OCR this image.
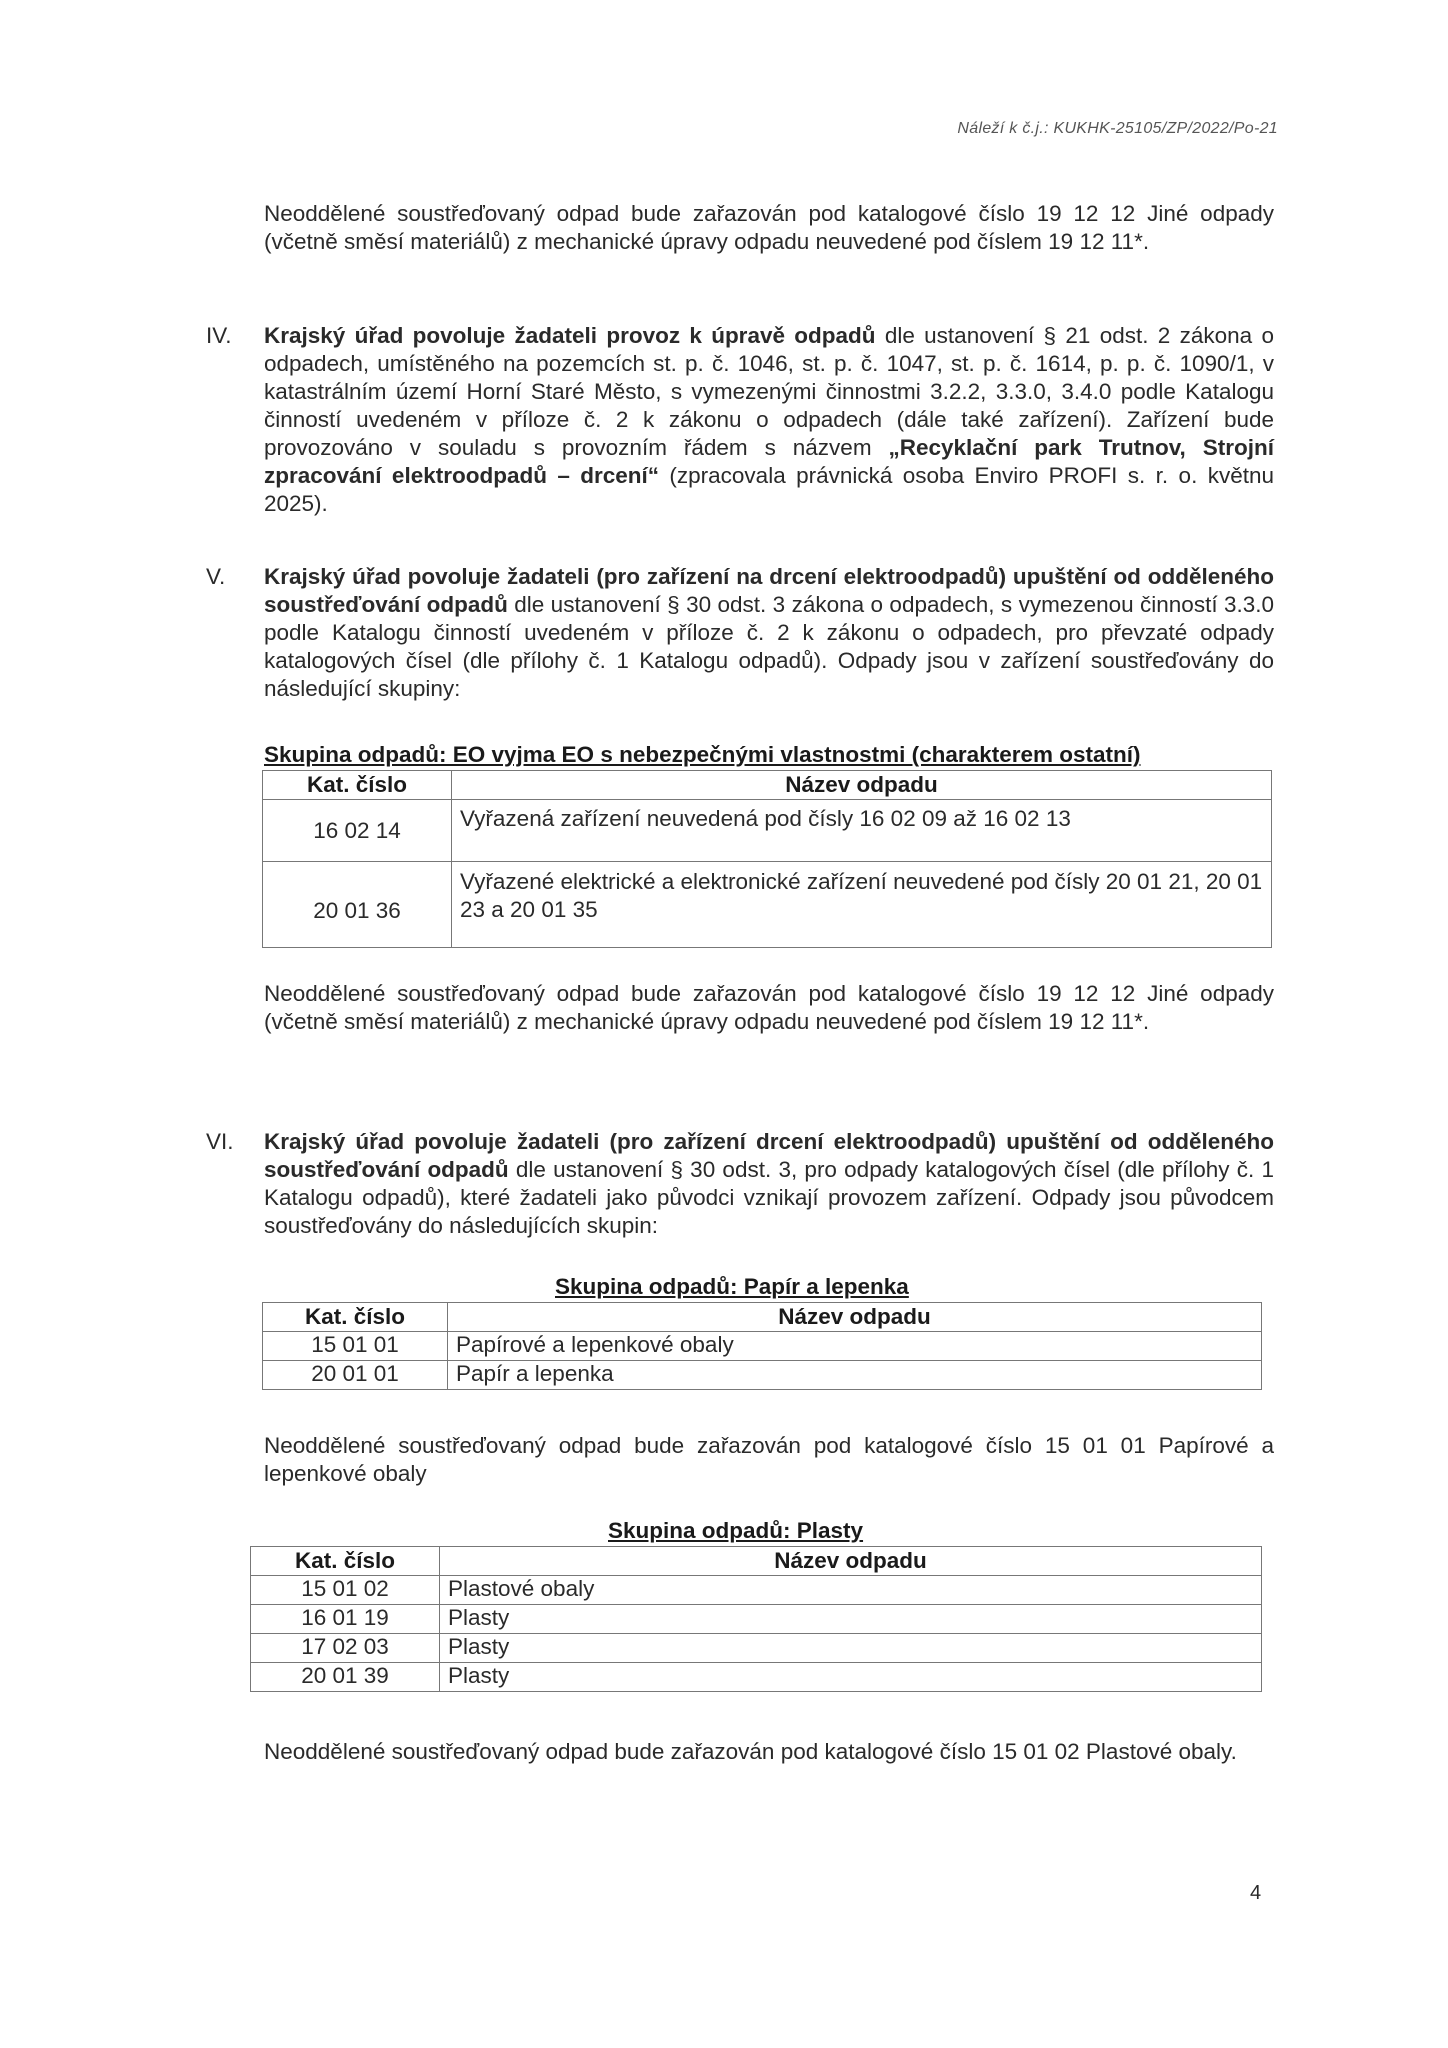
Náleží k č.j.: KUKHK-25105/ZP/2022/Po-21
Neoddělené soustřeďovaný odpad bude zařazován pod katalogové číslo 19 12 12 Jiné odpady (včetně směsí materiálů) z mechanické úpravy odpadu neuvedené pod číslem 19 12 11*.
IV.	Krajský úřad povoluje žadateli provoz k úpravě odpadů dle ustanovení § 21 odst. 2 zákona o odpadech, umístěného na pozemcích st. p. č. 1046, st. p. č. 1047, st. p. č. 1614, p. p. č. 1090/1, v katastrálním území Horní Staré Město, s vymezenými činnostmi 3.2.2, 3.3.0, 3.4.0 podle Katalogu činností uvedeném v příloze č. 2 k zákonu o odpadech (dále také zařízení). Zařízení bude provozováno v souladu s provozním řádem s názvem „Recyklační park Trutnov, Strojní zpracování elektroodpadů – drcení“ (zpracovala právnická osoba Enviro PROFI s. r. o. květnu 2025).
V.	Krajský úřad povoluje žadateli (pro zařízení na drcení elektroodpadů) upuštění od odděleného soustřeďování odpadů dle ustanovení § 30 odst. 3 zákona o odpadech, s vymezenou činností 3.3.0 podle Katalogu činností uvedeném v příloze č. 2 k zákonu o odpadech, pro převzaté odpady katalogových čísel (dle přílohy č. 1 Katalogu odpadů). Odpady jsou v zařízení soustřeďovány do následující skupiny:
Skupina odpadů: EO vyjma EO s nebezpečnými vlastnostmi (charakterem ostatní)
Kat. číslo	Název odpadu
16 02 14	Vyřazená zařízení neuvedená pod čísly 16 02 09 až 16 02 13
20 01 36	Vyřazené elektrické a elektronické zařízení neuvedené pod čísly 20 01 21, 20 01 23 a 20 01 35
Neoddělené soustřeďovaný odpad bude zařazován pod katalogové číslo 19 12 12 Jiné odpady (včetně směsí materiálů) z mechanické úpravy odpadu neuvedené pod číslem 19 12 11*.
VI.	Krajský úřad povoluje žadateli (pro zařízení drcení elektroodpadů) upuštění od odděleného soustřeďování odpadů dle ustanovení § 30 odst. 3, pro odpady katalogových čísel (dle přílohy č. 1 Katalogu odpadů), které žadateli jako původci vznikají provozem zařízení. Odpady jsou původcem soustřeďovány do následujících skupin:
Skupina odpadů: Papír a lepenka
Kat. číslo	Název odpadu
15 01 01	Papírové a lepenkové obaly
20 01 01	Papír a lepenka
Neoddělené soustřeďovaný odpad bude zařazován pod katalogové číslo 15 01 01 Papírové a lepenkové obaly
Skupina odpadů: Plasty
Kat. číslo	Název odpadu
15 01 02	Plastové obaly
16 01 19	Plasty
17 02 03	Plasty
20 01 39	Plasty
Neoddělené soustřeďovaný odpad bude zařazován pod katalogové číslo 15 01 02 Plastové obaly.
4
